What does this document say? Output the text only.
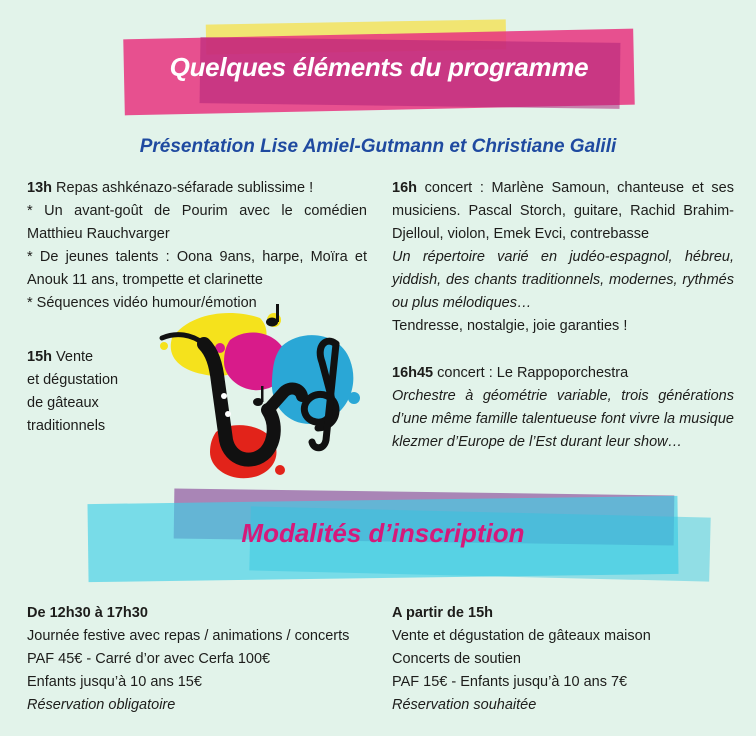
Quelques éléments du programme
Présentation Lise Amiel-Gutmann et Christiane Galili

13h Repas ashkénazo-séfarade sublissime !

* Un avant-goût de Pourim avec le comédien Matthieu Rauchvarger

* De jeunes talents : Oona 9ans, harpe, Moïra et Anouk 11 ans, trompette et clarinette

* Séquences vidéo humour/émotion

15h Vente

et dégustation

de gâteaux

traditionnels

16h concert : Marlène Samoun, chanteuse et ses musiciens. Pascal Storch, guitare, Rachid Brahim-Djelloul, violon, Emek Evci, contrebasse

Un répertoire varié en judéo-espagnol, hébreu, yiddish, des chants traditionnels, modernes, rythmés ou plus mélodiques…

Tendresse, nostalgie, joie garanties !

16h45 concert : Le Rappoporchestra

Orchestre à géométrie variable, trois générations d’une même famille talentueuse font vivre la musique klezmer d’Europe de l’Est durant leur show…

Modalités d’inscription

De 12h30 à 17h30

Journée festive avec repas / animations / concerts

PAF 45€ - Carré d’or avec Cerfa 100€

Enfants jusqu’à 10 ans 15€

Réservation obligatoire

A partir de 15h

Vente et dégustation de gâteaux maison

Concerts de soutien

PAF 15€ - Enfants jusqu’à 10 ans 7€

Réservation souhaitée
